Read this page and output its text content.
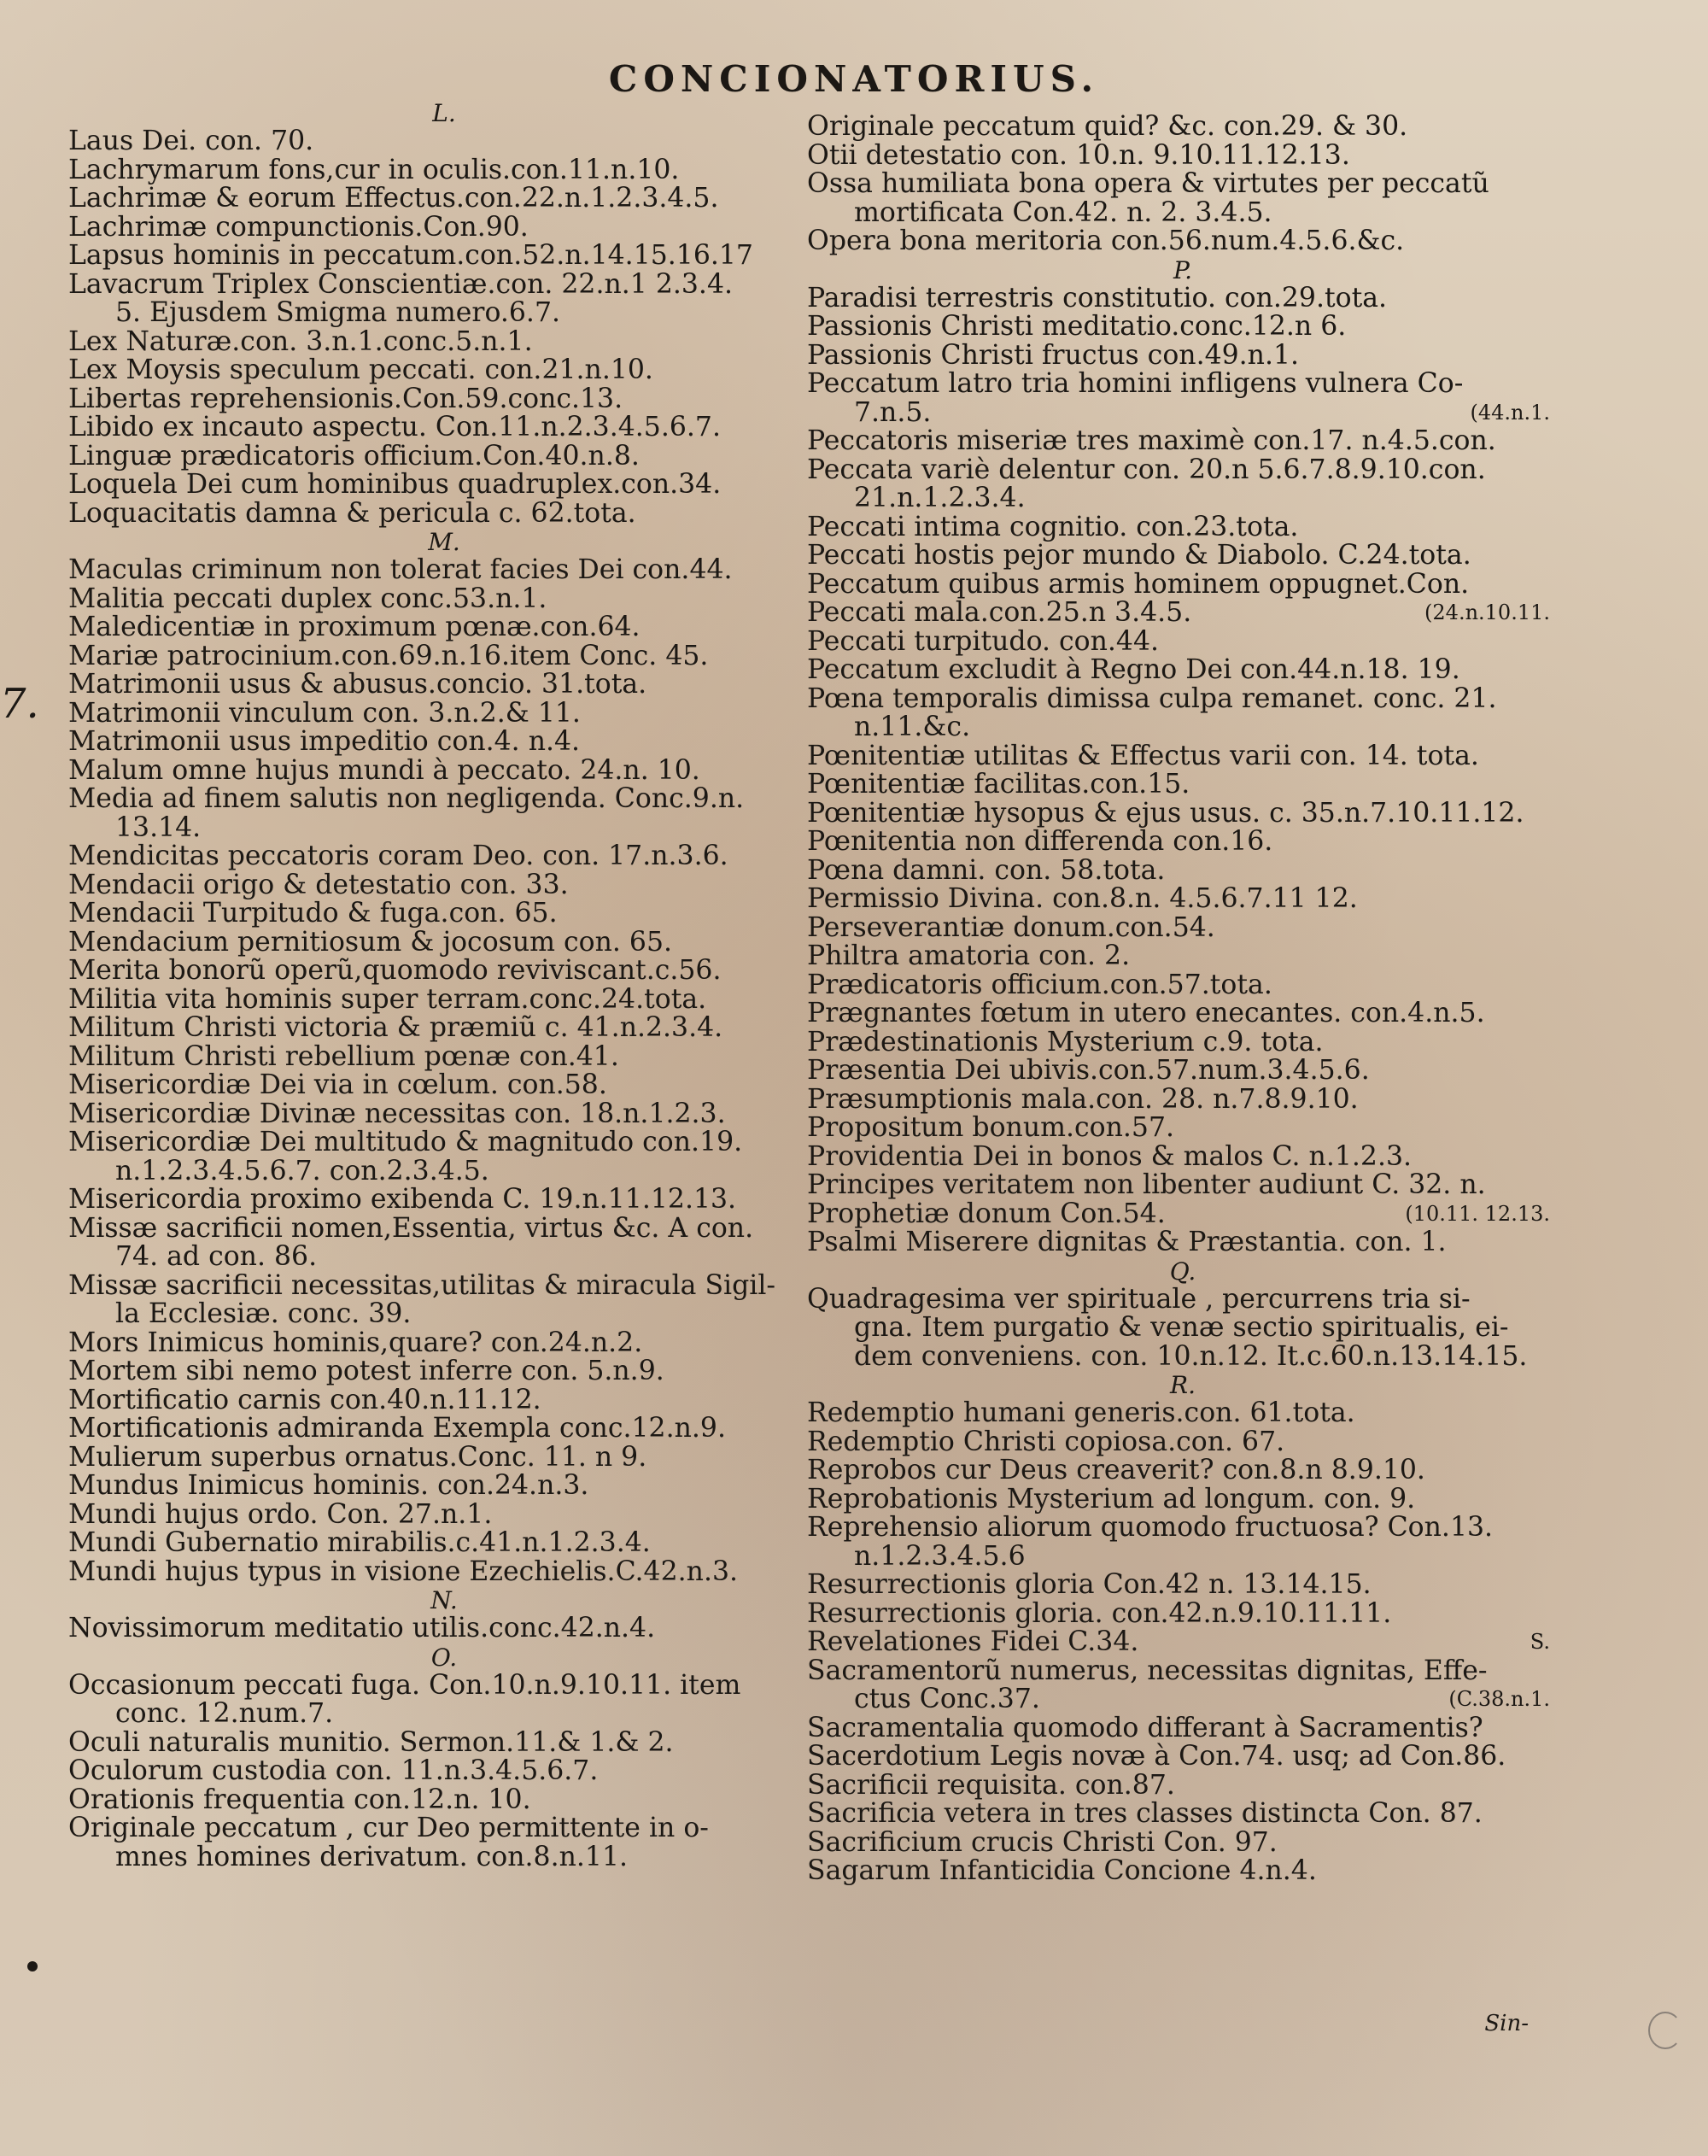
CONCIONATORIUS.
7.
L.
Laus Dei. con. 70.
Lachrymarum fons,cur in oculis.con.11.n.10.
Lachrimæ & eorum Effectus.con.22.n.1.2.3.4.5.
Lachrimæ compunctionis.Con.90.
Lapsus hominis in peccatum.con.52.n.14.15.16.17
Lavacrum Triplex Conscientiæ.con. 22.n.1 2.3.4.
5. Ejusdem Smigma numero.6.7.
Lex Naturæ.con. 3.n.1.conc.5.n.1.
Lex Moysis speculum peccati. con.21.n.10.
Libertas reprehensionis.Con.59.conc.13.
Libido ex incauto aspectu. Con.11.n.2.3.4.5.6.7.
Linguæ prædicatoris officium.Con.40.n.8.
Loquela Dei cum hominibus quadruplex.con.34.
Loquacitatis damna & pericula c. 62.tota.
M.
Maculas criminum non tolerat facies Dei con.44.
Malitia peccati duplex conc.53.n.1.
Maledicentiæ in proximum pœnæ.con.64.
Mariæ patrocinium.con.69.n.16.item Conc. 45.
Matrimonii usus & abusus.concio. 31.tota.
Matrimonii vinculum con. 3.n.2.& 11.
Matrimonii usus impeditio con.4. n.4.
Malum omne hujus mundi à peccato. 24.n. 10.
Media ad finem salutis non negligenda. Conc.9.n.
13.14.
Mendicitas peccatoris coram Deo. con. 17.n.3.6.
Mendacii origo & detestatio con. 33.
Mendacii Turpitudo & fuga.con. 65.
Mendacium pernitiosum & jocosum con. 65.
Merita bonorũ operũ,quomodo reviviscant.c.56.
Militia vita hominis super terram.conc.24.tota.
Militum Christi victoria & præmiũ c. 41.n.2.3.4.
Militum Christi rebellium pœnæ con.41.
Misericordiæ Dei via in cœlum. con.58.
Misericordiæ Divinæ necessitas con. 18.n.1.2.3.
Misericordiæ Dei multitudo & magnitudo con.19.
n.1.2.3.4.5.6.7. con.2.3.4.5.
Misericordia proximo exibenda C. 19.n.11.12.13.
Missæ sacrificii nomen,Essentia, virtus &c. A con.
74. ad con. 86.
Missæ sacrificii necessitas,utilitas & miracula Sigil-
la Ecclesiæ. conc. 39.
Mors Inimicus hominis,quare? con.24.n.2.
Mortem sibi nemo potest inferre con. 5.n.9.
Mortificatio carnis con.40.n.11.12.
Mortificationis admiranda Exempla conc.12.n.9.
Mulierum superbus ornatus.Conc. 11. n 9.
Mundus Inimicus hominis. con.24.n.3.
Mundi hujus ordo. Con. 27.n.1.
Mundi Gubernatio mirabilis.c.41.n.1.2.3.4.
Mundi hujus typus in visione Ezechielis.C.42.n.3.
N.
Novissimorum meditatio utilis.conc.42.n.4.
O.
Occasionum peccati fuga. Con.10.n.9.10.11. item
conc. 12.num.7.
Oculi naturalis munitio. Sermon.11.& 1.& 2.
Oculorum custodia con. 11.n.3.4.5.6.7.
Orationis frequentia con.12.n. 10.
Originale peccatum , cur Deo permittente in o-
mnes homines derivatum. con.8.n.11.
Originale peccatum quid? &c. con.29. & 30.
Otii detestatio con. 10.n. 9.10.11.12.13.
Ossa humiliata bona opera & virtutes per peccatũ
mortificata Con.42. n. 2. 3.4.5.
Opera bona meritoria con.56.num.4.5.6.&c.
P.
Paradisi terrestris constitutio. con.29.tota.
Passionis Christi meditatio.conc.12.n 6.
Passionis Christi fructus con.49.n.1.
Peccatum latro tria homini infligens vulnera Co-
(44.n.1.
7.n.5.
Peccatoris miseriæ tres maximè con.17. n.4.5.con.
Peccata variè delentur con. 20.n 5.6.7.8.9.10.con.
21.n.1.2.3.4.
Peccati intima cognitio. con.23.tota.
Peccati hostis pejor mundo & Diabolo. C.24.tota.
Peccatum quibus armis hominem oppugnet.Con.
(24.n.10.11.
Peccati mala.con.25.n 3.4.5.
Peccati turpitudo. con.44.
Peccatum excludit à Regno Dei con.44.n.18. 19.
Pœna temporalis dimissa culpa remanet. conc. 21.
n.11.&c.
Pœnitentiæ utilitas & Effectus varii con. 14. tota.
Pœnitentiæ facilitas.con.15.
Pœnitentiæ hysopus & ejus usus. c. 35.n.7.10.11.12.
Pœnitentia non differenda con.16.
Pœna damni. con. 58.tota.
Permissio Divina. con.8.n. 4.5.6.7.11 12.
Perseverantiæ donum.con.54.
Philtra amatoria con. 2.
Prædicatoris officium.con.57.tota.
Prægnantes fœtum in utero enecantes. con.4.n.5.
Prædestinationis Mysterium c.9. tota.
Præsentia Dei ubivis.con.57.num.3.4.5.6.
Præsumptionis mala.con. 28. n.7.8.9.10.
Propositum bonum.con.57.
Providentia Dei in bonos & malos C. n.1.2.3.
Principes veritatem non libenter audiunt C. 32. n.
(10.11. 12.13.
Prophetiæ donum Con.54.
Psalmi Miserere dignitas & Præstantia. con. 1.
Q.
Quadragesima ver spirituale , percurrens tria si-
gna. Item purgatio & venæ sectio spiritualis, ei-
dem conveniens. con. 10.n.12. It.c.60.n.13.14.15.
R.
Redemptio humani generis.con. 61.tota.
Redemptio Christi copiosa.con. 67.
Reprobos cur Deus creaverit? con.8.n 8.9.10.
Reprobationis Mysterium ad longum. con. 9.
Reprehensio aliorum quomodo fructuosa? Con.13.
n.1.2.3.4.5.6
Resurrectionis gloria Con.42 n. 13.14.15.
Resurrectionis gloria. con.42.n.9.10.11.11.
S.
Revelationes Fidei C.34.
Sacramentorũ numerus, necessitas dignitas, Effe-
(C.38.n.1.
ctus Conc.37.
Sacramentalia quomodo differant à Sacramentis?
Sacerdotium Legis novæ à Con.74. usq; ad Con.86.
Sacrificii requisita. con.87.
Sacrificia vetera in tres classes distincta Con. 87.
Sacrificium crucis Christi Con. 97.
Sagarum Infanticidia Concione 4.n.4.
Sin-
